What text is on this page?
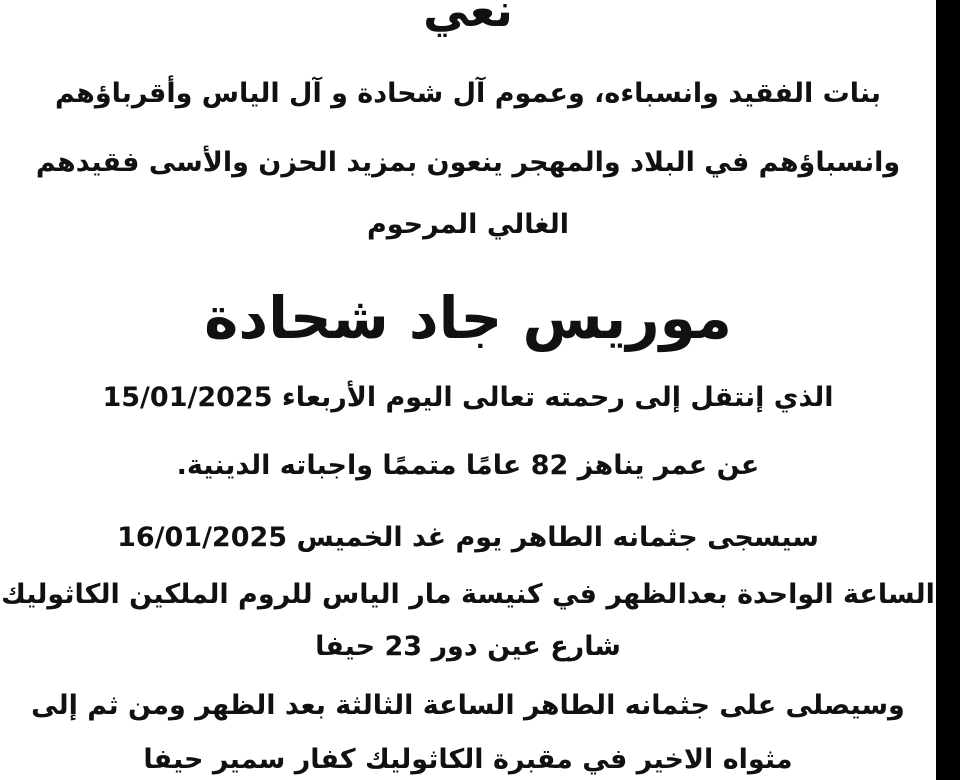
نعي
بنات الفقيد وانسباءه، وعموم آل شحادة و آل الياس وأقرباؤهم
وانسباؤهم في البلاد والمهجر ينعون بمزيد الحزن والأسى فقيدهم
الغالي المرحوم
موريس جاد شحادة
الذي إنتقل إلى رحمته تعالى اليوم الأربعاء 15/01/2025
عن عمر يناهز 82 عامًا متممًا واجباته الدينية.
سيسجى جثمانه الطاهر يوم غد الخميس 16/01/2025
الساعة الواحدة بعدالظهر في كنيسة مار الياس للروم الملكين الكاثوليك
شارع عين دور 23 حيفا
وسيصلى على جثمانه الطاهر الساعة الثالثة بعد الظهر ومن ثم إلى
مثواه الاخير في مقبرة الكاثوليك كفار سمير حيفا
